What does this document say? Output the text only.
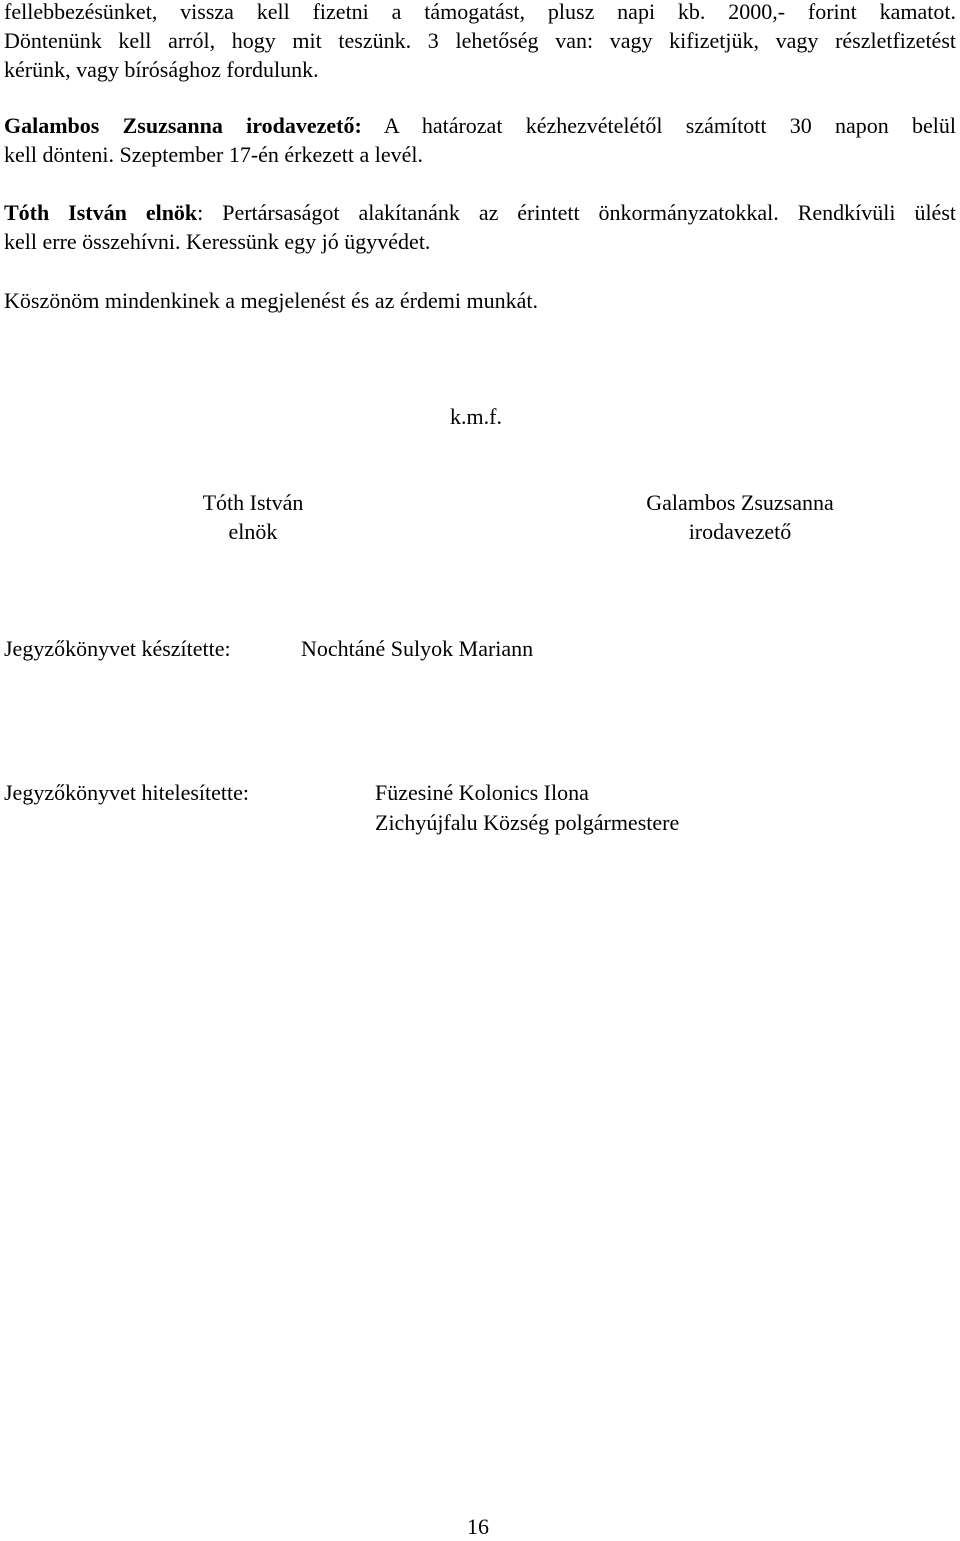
fellebbezésünket, vissza kell fizetni a támogatást, plusz napi kb. 2000,- forint kamatot.
Döntenünk kell arról, hogy mit teszünk. 3 lehetőség van: vagy kifizetjük, vagy részletfizetést
kérünk, vagy bírósághoz fordulunk.
Galambos Zsuzsanna irodavezető: A határozat kézhezvételétől számított 30 napon belül
kell dönteni. Szeptember 17-én érkezett a levél.
Tóth István elnök: Pertársaságot alakítanánk az érintett önkormányzatokkal. Rendkívüli ülést
kell erre összehívni. Keressünk egy jó ügyvédet.

Köszönöm mindenkinek a megjelenést és az érdemi munkát.

k.m.f.

Tóth István
elnök
Galambos Zsuzsanna
irodavezető

Jegyzőkönyvet készítette:	Nochtáné Sulyok Mariann

Jegyzőkönyvet hitelesítette:	Füzesiné Kolonics Ilona

Zichyújfalu Község polgármestere

16
